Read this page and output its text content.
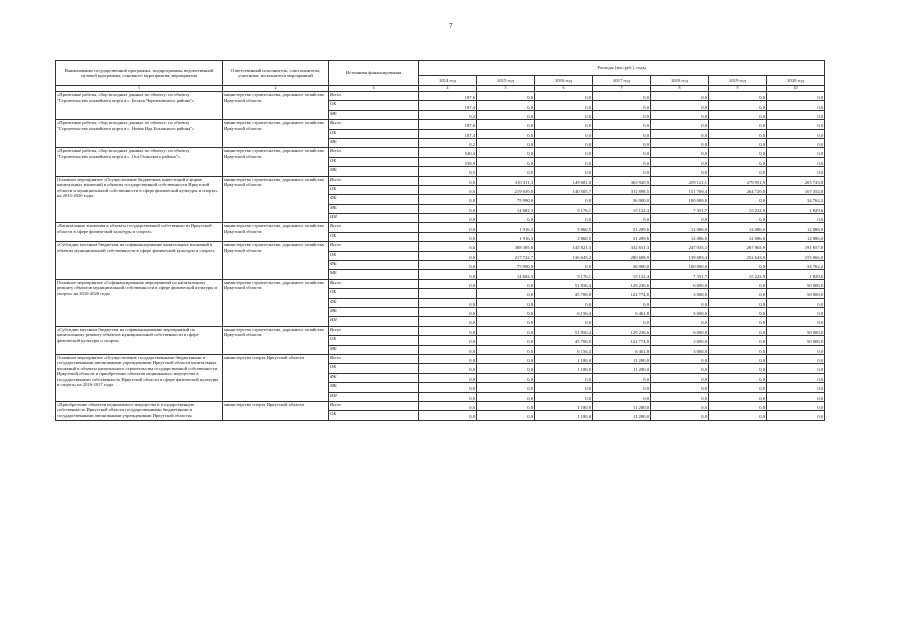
7
Наименование государственной программы, подпрограммы, ведомственной целевой программы, основного мероприятия, мероприятия	Ответственный исполнитель, соисполнители, участники, исполнители мероприятий	Источники финансирования	Расходы (тыс.руб.), годы						
			2014 год	2015 год	2016 год	2017 год	2018 год	2019 год	2020 год
1	2	3	4	5	6	7	8	9	10
«Проектные работы, сбор исходных данных по объекту: по объекту "Строительство хоккейного корта в с. Бельск Черемховского района"»	министерство строительства, дорожного хозяйства Иркутской области	Всего	187,6	0,0	0,0	0,0	0,0	0,0	0,0
		ОБ	187,4	0,0	0,0	0,0	0,0	0,0	0,0
		МБ	0,2	0,0	0,0	0,0	0,0	0,0	0,0
«Проектные работы, сбор исходных данных по объекту: по объекту "Строительство хоккейного корта в с. Новая Ида Боханского района"»	министерство строительства, дорожного хозяйства Иркутской области	Всего	187,6	0,0	0,0	0,0	0,0	0,0	0,0
		ОБ	187,4	0,0	0,0	0,0	0,0	0,0	0,0
		МБ	0,2	0,0	0,0	0,0	0,0	0,0	0,0
«Проектные работы, сбор исходных данных по объекту: по объекту "Строительство хоккейного корта в с. Оса Осинского района"»	министерство строительства, дорожного хозяйства Иркутской области	Всего	540,4	0,0	0,0	0,0	0,0	0,0	0,0
		ОБ	539,9	0,0	0,0	0,0	0,0	0,0	0,0
		МБ	0,5	0,0	0,0	0,0	0,0	0,0	0,0
Основное мероприятие «Осуществление бюджетных инвестиций в форме капитальных вложений в объекты государственной собственности Иркутской области и муниципальной собственности в сфере физической культуры и спорта» на 2015-2020 годы	министерство строительства, дорожного хозяйства Иркутской области	Всего	0,0	310 311,3	149 681,8	363 920,9	259 121,1	279 951,9	203 743,8
		ОБ	0,0	219 639,0	140 505,7	311 898,5	151 769,4	264 729,0	167 352,0
		ФБ	0,0	75 990,0	0,0	36 900,0	100 000,0	0,0	34 762,2
		МБ	0,0	14 682,3	9 176,1	15 122,4	7 351,7	15 222,9	1 829,6
		ИИ	0,0	0,0	0,0	0,0	0,0	0,0	0,0
«Капитальные вложения в объекты государственной собственности Иркутской области в сфере физической культуры и спорта»	министерство строительства, дорожного хозяйства Иркутской области	Всего	0,0	1 916,3	3 860,5	31 289,6	12 086,0	12 086,0	12 086,0
		ОБ	0,0	1 916,3	3 860,5	31 289,6	12 086,0	12 086,0	12 086,0
«Субсидии местным бюджетам на софинансирование капитальных вложений в объекты муниципальной собственности в сфере физической культуры и спорта»	министерство строительства, дорожного хозяйства Иркутской области	Всего	0,0	308 395,0	145 821,3	332 631,3	247 035,1	267 865,9	191 657,8
		ОБ	0,0	217 722,7	136 645,2	280 608,9	139 683,4	252 643,0	155 066,0
		ФБ	0,0	75 990,0	0,0	36 900,0	100 000,0	0,0	34 762,2
		МБ	0,0	14 682,3	9 176,1	15 122,4	7 351,7	15 222,9	1 829,6
Основное мероприятие «Софинансирование мероприятий по капитальному ремонту объектов муниципальной собственности в сфере физической культуры и спорта» на 2016-2020 годы	министерство строительства, дорожного хозяйства Иркутской области	Всего	0,0	0,0	51 856,4	129 236,6	6 000,0	0,0	50 000,0
		ОБ		0,0	45 700,0	122 774,8	3 000,0	0,0	50 000,0
		ФБ	0,0	0,0	0,0	0,0	0,0	0,0	0,0
		МБ	0,0	0,0	6 156,4	6 461,8	3 000,0	0,0	0,0
		ИИ	0,0	0,0	0,0	0,0	0,0	0,0	0,0
«Субсидии местным бюджетам на софинансирование мероприятий по капитальному ремонту объектов муниципальной собственности в сфере физической культуры и спорта»	министерство строительства, дорожного хозяйства Иркутской области	Всего	0,0	0,0	51 856,4	129 236,6	6 000,0	0,0	50 000,0
		ОБ	0,0	0,0	45 700,0	122 774,8	3 000,0	0,0	50 000,0
		МБ	0,0	0,0	6 156,4	6 461,8	3 000,0	0,0	0,0
Основное мероприятие «Осуществление государственными бюджетными и государственными автономными учреждениями Иркутской области капитальных вложений в объекты капитального строительства государственной собственности Иркутской области и приобретение объектов недвижимого имущества в государственную собственность Иркутской области в сфере физической культуры и спорта» на 2016-2017 годы	министерство спорта Иркутской области	Всего	0,0	0,0	1 180,0	11 280,0	0,0	0,0	0,0
		ОБ	0,0	0,0	1 180,0	11 280,0	0,0	0,0	0,0
		ФБ	0,0	0,0	0,0	0,0	0,0	0,0	0,0
		МБ	0,0	0,0	0,0	0,0	0,0	0,0	0,0
		ИИ	0,0	0,0	0,0	0,0	0,0	0,0	0,0
«Приобретение объектов недвижимого имущества в государственную собственность Иркутской области государственными бюджетными и государственными автономными учреждениями Иркутской области»	министерство спорта Иркутской области	Всего	0,0	0,0	1 180,0	11 280,0	0,0	0,0	0,0
		ОБ	0,0	0,0	1 180,0	11 280,0	0,0	0,0	0,0
